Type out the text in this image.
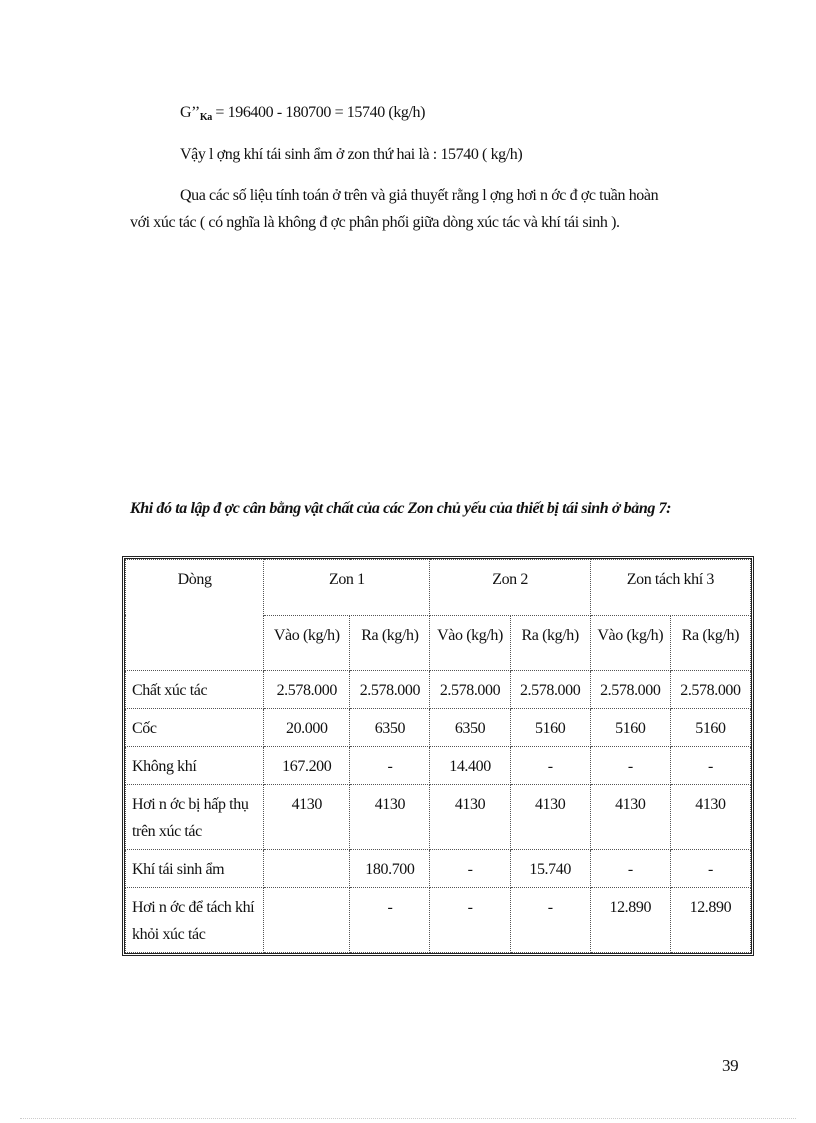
$G’’_{Ka} = 196400 - 180700 = 15740$ (kg/h)
Vậy l ợng khí tái sinh ẩm ở zon thứ hai là : 15740 ( kg/h)
Qua các số liệu tính toán ở trên và giả thuyết rằng l ợng hơi n ớc đ ợc tuần hoàn
với xúc tác ( có nghĩa là không đ ợc phân phối giữa dòng xúc tác và khí tái sinh ).
Khi đó ta lập đ ợc cân bằng vật chất của các Zon chủ yếu của thiết bị tái sinh ở bảng 7:
Dòng	Zon 1		Zon 2		Zon tách khí 3	
	Vào (kg/h)	Ra (kg/h)	Vào (kg/h)	Ra (kg/h)	Vào (kg/h)	Ra (kg/h)
Chất xúc tác	2.578.000	2.578.000	2.578.000	2.578.000	2.578.000	2.578.000
Cốc	20.000	6350	6350	5160	5160	5160
Không khí	167.200	-	14.400	-	-	-
Hơi n ớc bị hấp thụ trên xúc tác	4130	4130	4130	4130	4130	4130
Khí tái sinh ẩm		180.700	-	15.740	-	-
Hơi n ớc để tách khí khỏi xúc tác		-	-	-	12.890	12.890
39
